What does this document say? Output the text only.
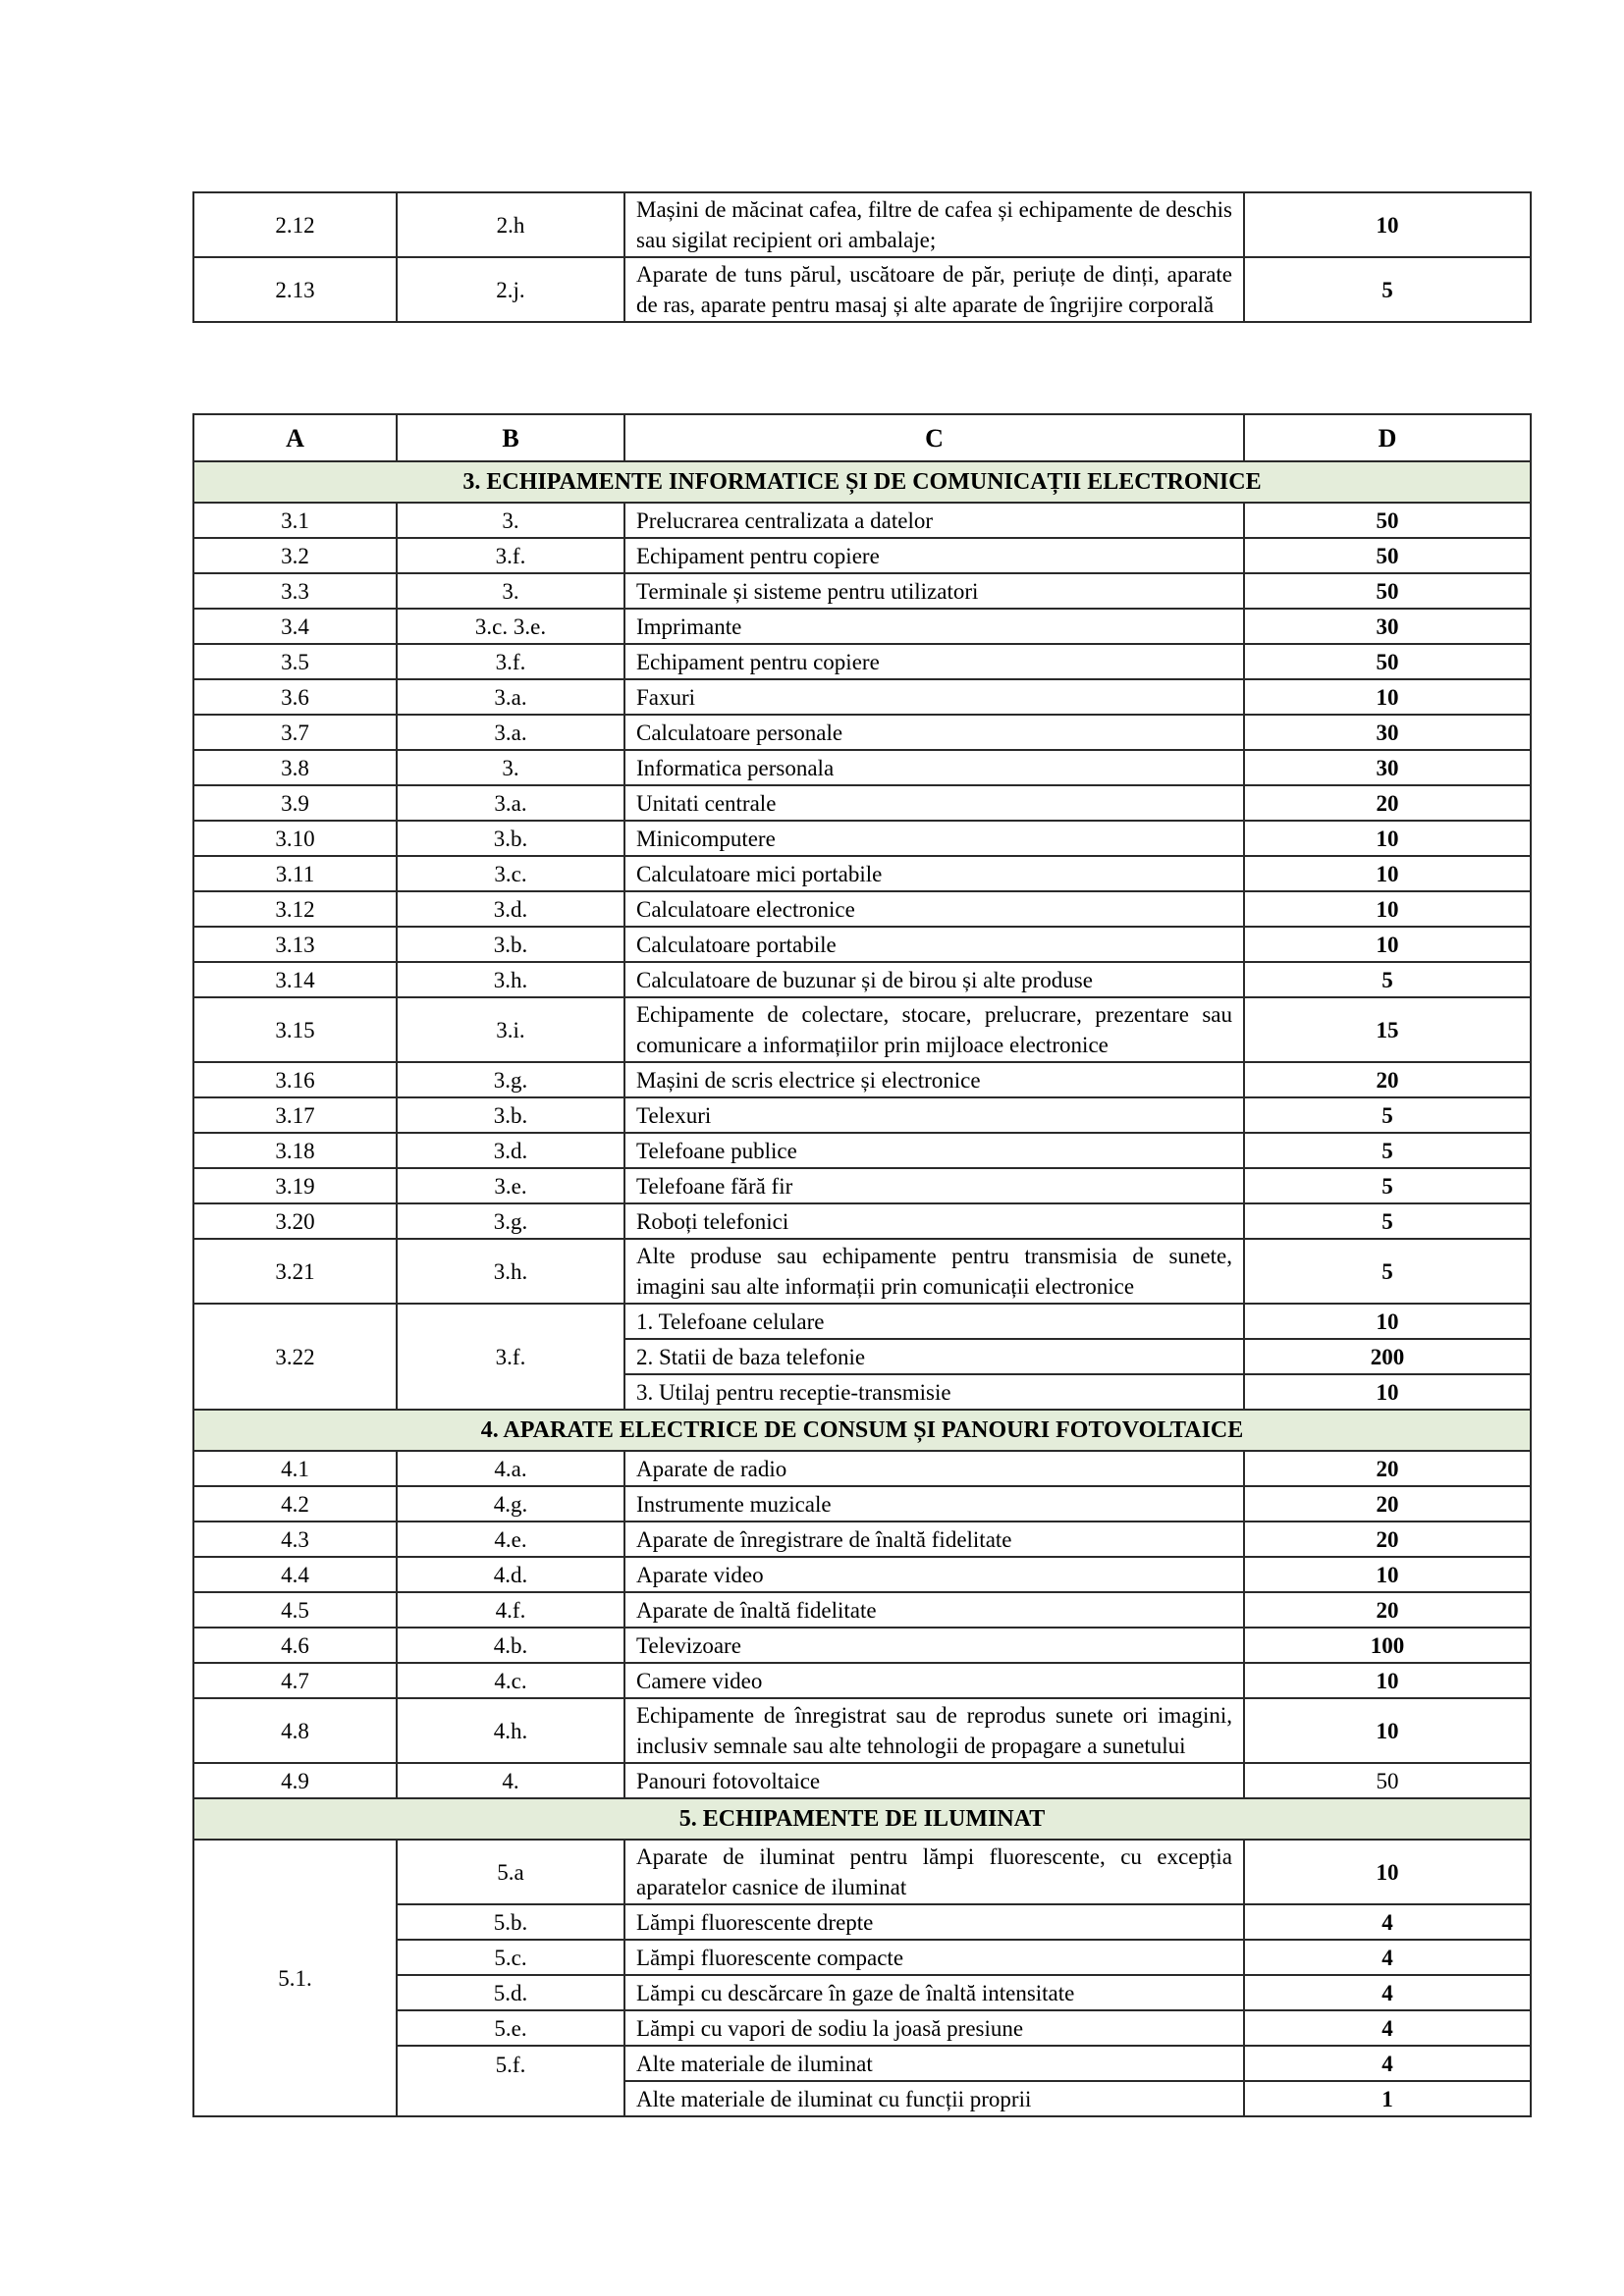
2.12	2.h	Mașini de măcinat cafea, filtre de cafea și echipamente de deschis sau sigilat recipient ori ambalaje;	10
2.13	2.j.	Aparate de tuns părul, uscătoare de păr, periuțe de dinți, aparate de ras, aparate pentru masaj și alte aparate de îngrijire corporală	5
A	B	C	D
3. ECHIPAMENTE INFORMATICE ȘI DE COMUNICAȚII ELECTRONICE			
3.1	3.	Prelucrarea centralizata a datelor	50
3.2	3.f.	Echipament pentru copiere	50
3.3	3.	Terminale și sisteme pentru utilizatori	50
3.4	3.c. 3.e.	Imprimante	30
3.5	3.f.	Echipament pentru copiere	50
3.6	3.a.	Faxuri	10
3.7	3.a.	Calculatoare personale	30
3.8	3.	Informatica personala	30
3.9	3.a.	Unitati centrale	20
3.10	3.b.	Minicomputere	10
3.11	3.c.	Calculatoare mici portabile	10
3.12	3.d.	Calculatoare electronice	10
3.13	3.b.	Calculatoare portabile	10
3.14	3.h.	Calculatoare de buzunar și de birou și alte produse	5
3.15	3.i.	Echipamente de colectare, stocare, prelucrare, prezentare sau comunicare a informațiilor prin mijloace electronice	15
3.16	3.g.	Mașini de scris electrice și electronice	20
3.17	3.b.	Telexuri	5
3.18	3.d.	Telefoane publice	5
3.19	3.e.	Telefoane fără fir	5
3.20	3.g.	Roboți telefonici	5
3.21	3.h.	Alte produse sau echipamente pentru transmisia de sunete, imagini sau alte informații prin comunicații electronice	5
3.22	3.f.	1. Telefoane celulare	10
		2. Statii de baza telefonie	200
		3. Utilaj pentru receptie-transmisie	10
4. APARATE ELECTRICE DE CONSUM ȘI PANOURI FOTOVOLTAICE			
4.1	4.a.	Aparate de radio	20
4.2	4.g.	Instrumente muzicale	20
4.3	4.e.	Aparate de înregistrare de înaltă fidelitate	20
4.4	4.d.	Aparate video	10
4.5	4.f.	Aparate de înaltă fidelitate	20
4.6	4.b.	Televizoare	100
4.7	4.c.	Camere video	10
4.8	4.h.	Echipamente de înregistrat sau de reprodus sunete ori imagini, inclusiv semnale sau alte tehnologii de propagare a sunetului	10
4.9	4.	Panouri fotovoltaice	50
5. ECHIPAMENTE DE ILUMINAT			
5.1.	5.a	Aparate de iluminat pentru lămpi fluorescente, cu excepția aparatelor casnice de iluminat	10
	5.b.	Lămpi fluorescente drepte	4
	5.c.	Lămpi fluorescente compacte	4
	5.d.	Lămpi cu descărcare în gaze de înaltă intensitate	4
	5.e.	Lămpi cu vapori de sodiu la joasă presiune	4
	5.f.	Alte materiale de iluminat	4
		Alte materiale de iluminat cu funcții proprii	1
